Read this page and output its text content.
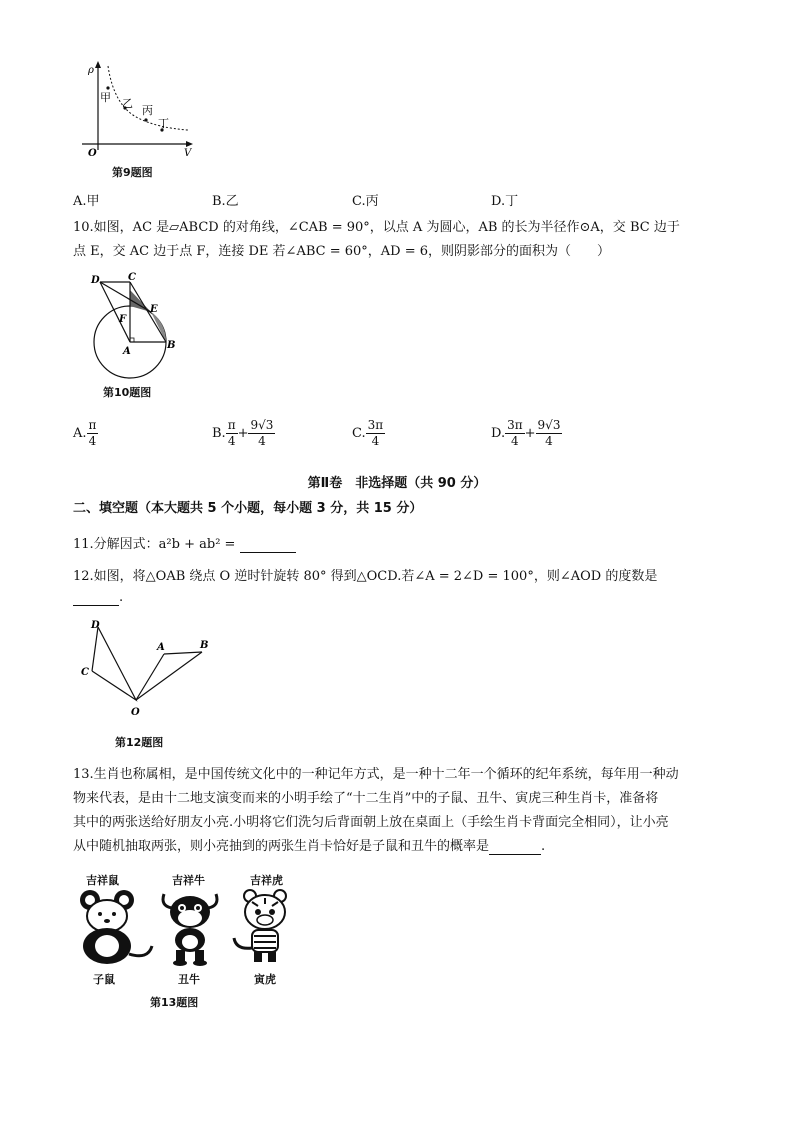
ρ
V
O
甲 乙
丙
丁
第9题图
A.甲	B.乙	C.丙	D.丁
10.如图，AC 是▱ABCD 的对角线，∠CAB = 90°，以点 A 为圆心，AB 的长为半径作⊙A，交 BC 边于
点 E，交 AC 边于点 F，连接 DE 若∠ABC = 60°，AD = 6，则阴影部分的面积为（　　）
D	C
E
F
A
B
第10题图
A. $\frac{\pi}{4}$	B. $\frac{\pi}{4} + \frac{9√3}{4}$	C. $\frac{3\pi}{4}$	D. $\frac{3\pi}{4} + \frac{9√3}{4}$
第Ⅱ卷　非选择题（共 90 分）
二、填空题（本大题共 5 个小题，每小题 3 分，共 15 分）
11.分解因式：a²b + ab² =
12.如图，将△OAB 绕点 O 逆时针旋转 80° 得到△OCD.若∠A = 2∠D = 100°，则∠AOD 的度数是
.
D
C
A	B
O
第12题图
13.生肖也称属相，是中国传统文化中的一种记年方式，是一种十二年一个循环的纪年系统，每年用一种动
物来代表，是由十二地支演变而来的小明手绘了“十二生肖”中的子鼠、丑牛、寅虎三种生肖卡，准备将
其中的两张送给好朋友小亮.小明将它们洗匀后背面朝上放在桌面上（手绘生肖卡背面完全相同），让小亮
从中随机抽取两张，则小亮抽到的两张生肖卡恰好是子鼠和丑牛的概率是	.
吉祥鼠	吉祥牛	吉祥虎
子鼠	丑牛	寅虎
第13题图
